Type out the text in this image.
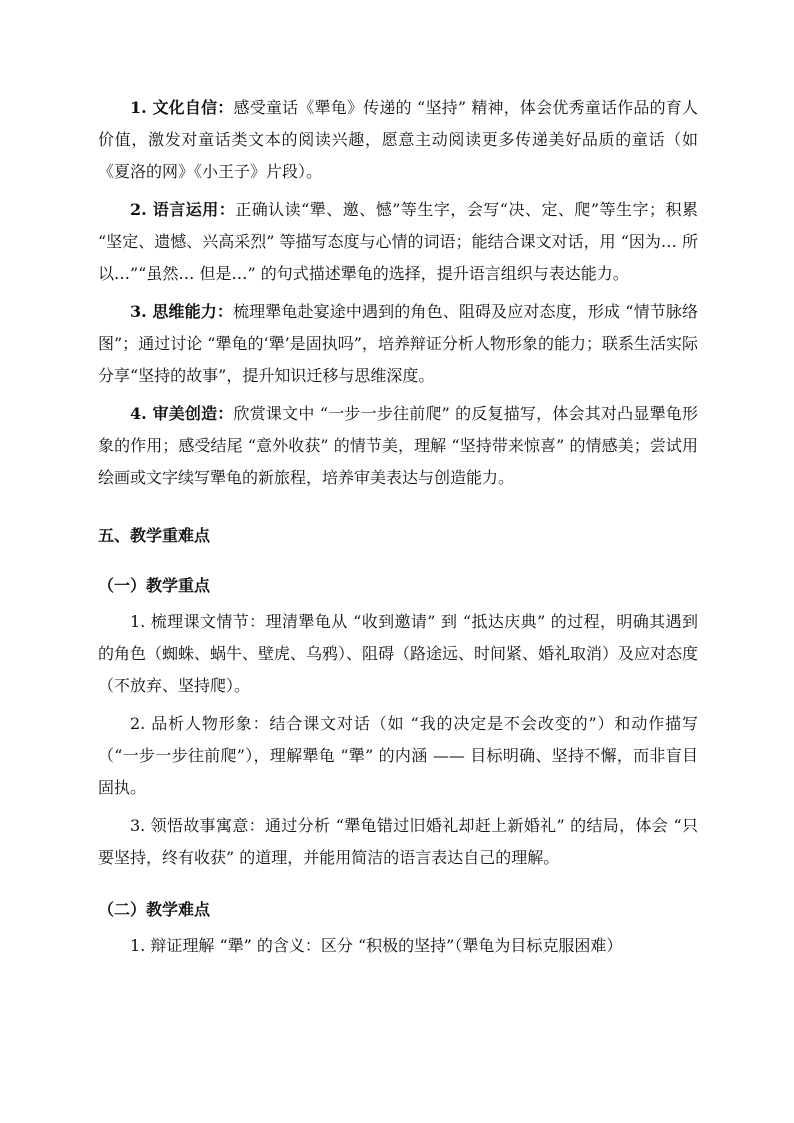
1. 文化自信：感受童话《犟龟》传递的 “坚持” 精神，体会优秀童话作品的育人价值，激发对童话类文本的阅读兴趣，愿意主动阅读更多传递美好品质的童话（如《夏洛的网》《小王子》片段）。

2. 语言运用：正确认读“犟、邀、憾”等生字，会写“决、定、爬”等生字；积累 “坚定、遗憾、兴高采烈” 等描写态度与心情的词语；能结合课文对话，用 “因为… 所以…”“虽然… 但是…” 的句式描述犟龟的选择，提升语言组织与表达能力。

3. 思维能力：梳理犟龟赴宴途中遇到的角色、阻碍及应对态度，形成 “情节脉络图”；通过讨论 “犟龟的‘犟’是固执吗”，培养辩证分析人物形象的能力；联系生活实际分享“坚持的故事”，提升知识迁移与思维深度。

4. 审美创造：欣赏课文中 “一步一步往前爬” 的反复描写，体会其对凸显犟龟形象的作用；感受结尾 “意外收获” 的情节美，理解 “坚持带来惊喜” 的情感美；尝试用绘画或文字续写犟龟的新旅程，培养审美表达与创造能力。

五、教学重难点
（一）教学重点

1. 梳理课文情节：理清犟龟从 “收到邀请” 到 “抵达庆典” 的过程，明确其遇到的角色（蜘蛛、蜗牛、壁虎、乌鸦）、阻碍（路途远、时间紧、婚礼取消）及应对态度（不放弃、坚持爬）。

2. 品析人物形象：结合课文对话（如 “我的决定是不会改变的”）和动作描写（“一步一步往前爬”），理解犟龟 “犟” 的内涵 —— 目标明确、坚持不懈，而非盲目固执。

3. 领悟故事寓意：通过分析 “犟龟错过旧婚礼却赶上新婚礼” 的结局，体会 “只要坚持，终有收获” 的道理，并能用简洁的语言表达自己的理解。

（二）教学难点

1. 辩证理解 “犟” 的含义：区分 “积极的坚持”（犟龟为目标克服困难）
